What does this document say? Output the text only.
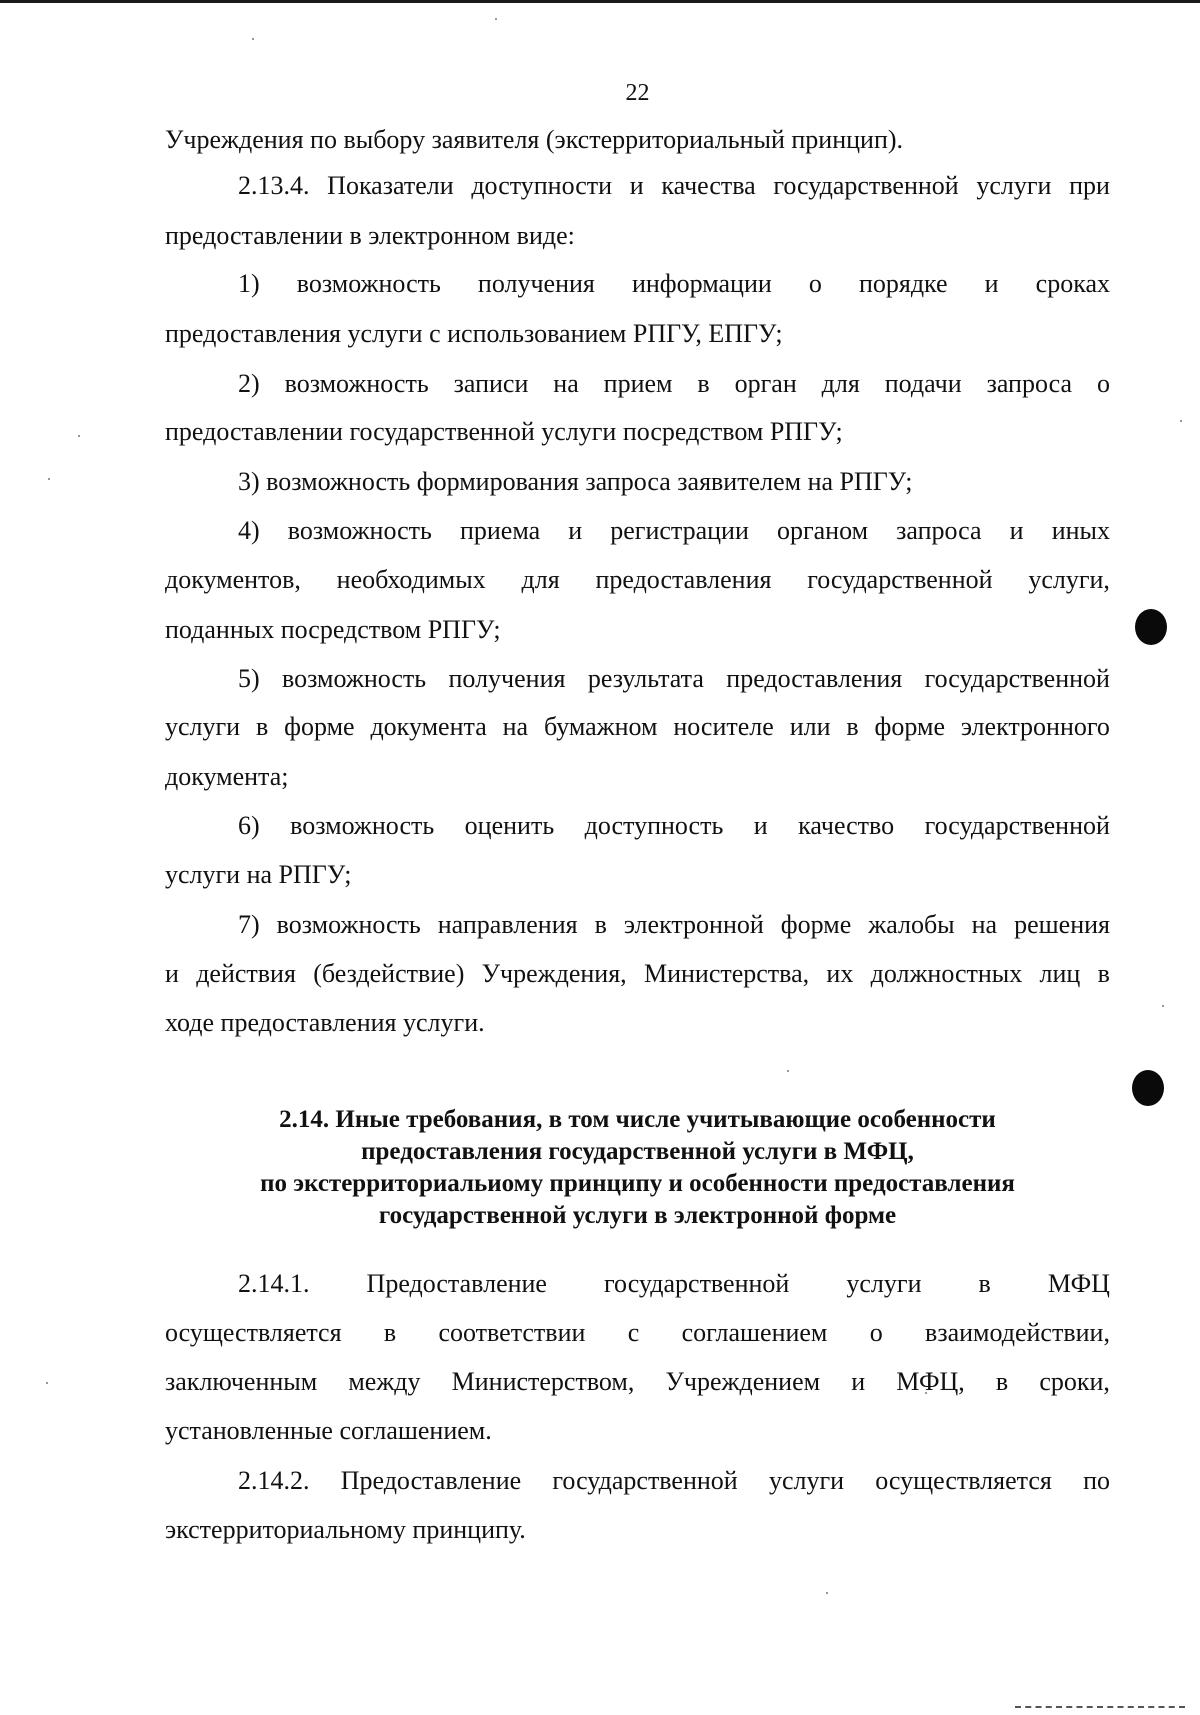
22
Учреждения по выбору заявителя (экстерриториальный принцип).
2.13.4. Показатели доступности и качества государственной услуги при
предоставлении в электронном виде:
1) возможность получения информации о порядке и сроках
предоставления услуги с использованием РПГУ, ЕПГУ;
2) возможность записи на прием в орган для подачи запроса о
предоставлении государственной услуги посредством РПГУ;
3) возможность формирования запроса заявителем на РПГУ;
4) возможность приема и регистрации органом запроса и иных
документов, необходимых для предоставления государственной услуги,
поданных посредством РПГУ;
5) возможность получения результата предоставления государственной
услуги в форме документа на бумажном носителе или в форме электронного
документа;
6) возможность оценить доступность и качество государственной
услуги на РПГУ;
7) возможность направления в электронной форме жалобы на решения
и действия (бездействие) Учреждения, Министерства, их должностных лиц в
ходе предоставления услуги.
2.14. Иные требования, в том числе учитывающие особенности
предоставления государственной услуги в МФЦ,
по экстерриториальиому принципу и особенности предоставления
государственной услуги в электронной форме
2.14.1. Предоставление государственной услуги в МФЦ
осуществляется в соответствии с соглашением о взаимодействии,
заключенным между Министерством, Учреждением и МФЦ, в сроки,
установленные соглашением.
2.14.2. Предоставление государственной услуги осуществляется по
экстерриториальному принципу.
